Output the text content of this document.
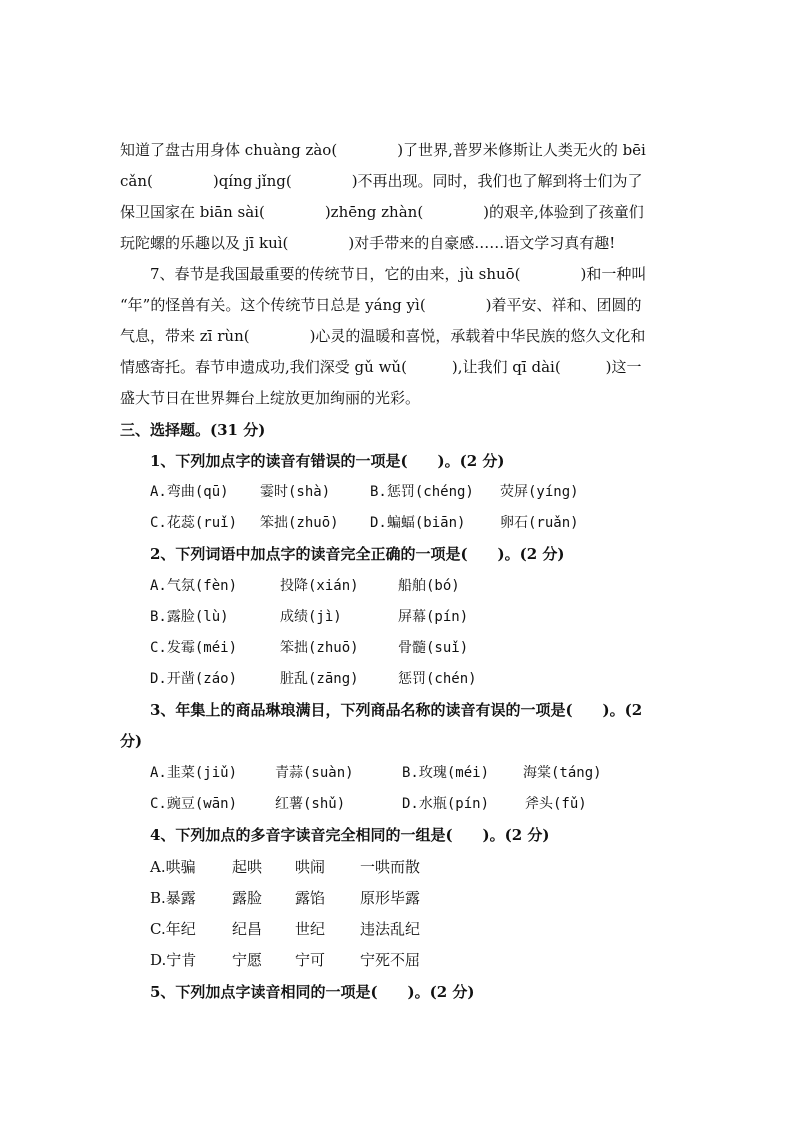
知道了盘古用身体 chuàng zào(　　　　)了世界,普罗米修斯让人类无火的 bēi
cǎn(　　　　)qíng jǐng(　　　　)不再出现。同时，我们也了解到将士们为了
保卫国家在 biān sài(　　　　)zhēng zhàn(　　　　)的艰辛,体验到了孩童们
玩陀螺的乐趣以及 jī kuì(　　　　)对手带来的自豪感……语文学习真有趣!
7、春节是我国最重要的传统节日，它的由来，jù shuō(　　　　)和一种叫
“年”的怪兽有关。这个传统节日总是 yáng yì(　　　　)着平安、祥和、团圆的
气息，带来 zī rùn(　　　　)心灵的温暖和喜悦，承载着中华民族的悠久文化和
情感寄托。春节申遗成功,我们深受 gǔ wǔ(　　　),让我们 qī dài(　　　)这一
盛大节日在世界舞台上绽放更加绚丽的光彩。
三、选择题。(31 分)
1、下列加点字的读音有错误的一项是(　　)。(2 分)
A.弯曲(qū) 霎时(shà)	B.惩罚(chéng) 荧屏(yíng)
C.花蕊(ruǐ) 笨拙(zhuō) D.蝙蝠(biān) 卵石(ruǎn)
2、下列词语中加点字的读音完全正确的一项是(　　)。(2 分)
A.气氛(fèn)	投降(xián)	船舶(bó)
B.露脸(lù)	成绩(jì)	屏幕(pín)
C.发霉(méi)	笨拙(zhuō)	骨髓(suǐ)
D.开凿(záo)	脏乱(zāng)	惩罚(chén)
3、年集上的商品琳琅满目，下列商品名称的读音有误的一项是(　　)。(2
分)
A.韭菜(jiǔ)	青蒜(suàn)	B.玫瑰(méi) 海棠(táng)
C.豌豆(wān)	红薯(shǔ)	D.水瓶(pín)	斧头(fǔ)
4、下列加点的多音字读音完全相同的一组是(　　)。(2 分)
A.哄骗 起哄 哄闹 一哄而散
B.暴露 露脸 露馅 原形毕露
C.年纪 纪昌 世纪 违法乱纪
D.宁肯 宁愿 宁可 宁死不屈
5、下列加点字读音相同的一项是(　　)。(2 分)
